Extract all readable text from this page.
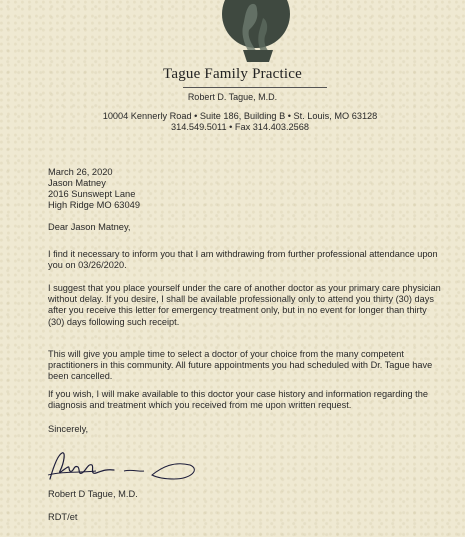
Tague Family Practice
Robert D. Tague, M.D.
10004 Kennerly Road • Suite 186, Building B • St. Louis, MO 63128
314.549.5011 • Fax 314.403.2568
March 26, 2020
Jason Matney
2016 Sunswept Lane
High Ridge MO 63049
Dear Jason Matney,
I find it necessary to inform you that I am withdrawing from further professional attendance upon
you on 03/26/2020.
I suggest that you place yourself under the care of another doctor as your primary care physician
without delay. If you desire, I shall be available professionally only to attend you thirty (30) days
after you receive this letter for emergency treatment only, but in no event for longer than thirty
(30) days following such receipt.
This will give you ample time to select a doctor of your choice from the many competent
practitioners in this community. All future appointments you had scheduled with Dr. Tague have
been cancelled.
If you wish, I will make available to this doctor your case history and information regarding the
diagnosis and treatment which you received from me upon written request.
Sincerely,
Robert D Tague, M.D.
RDT/et
